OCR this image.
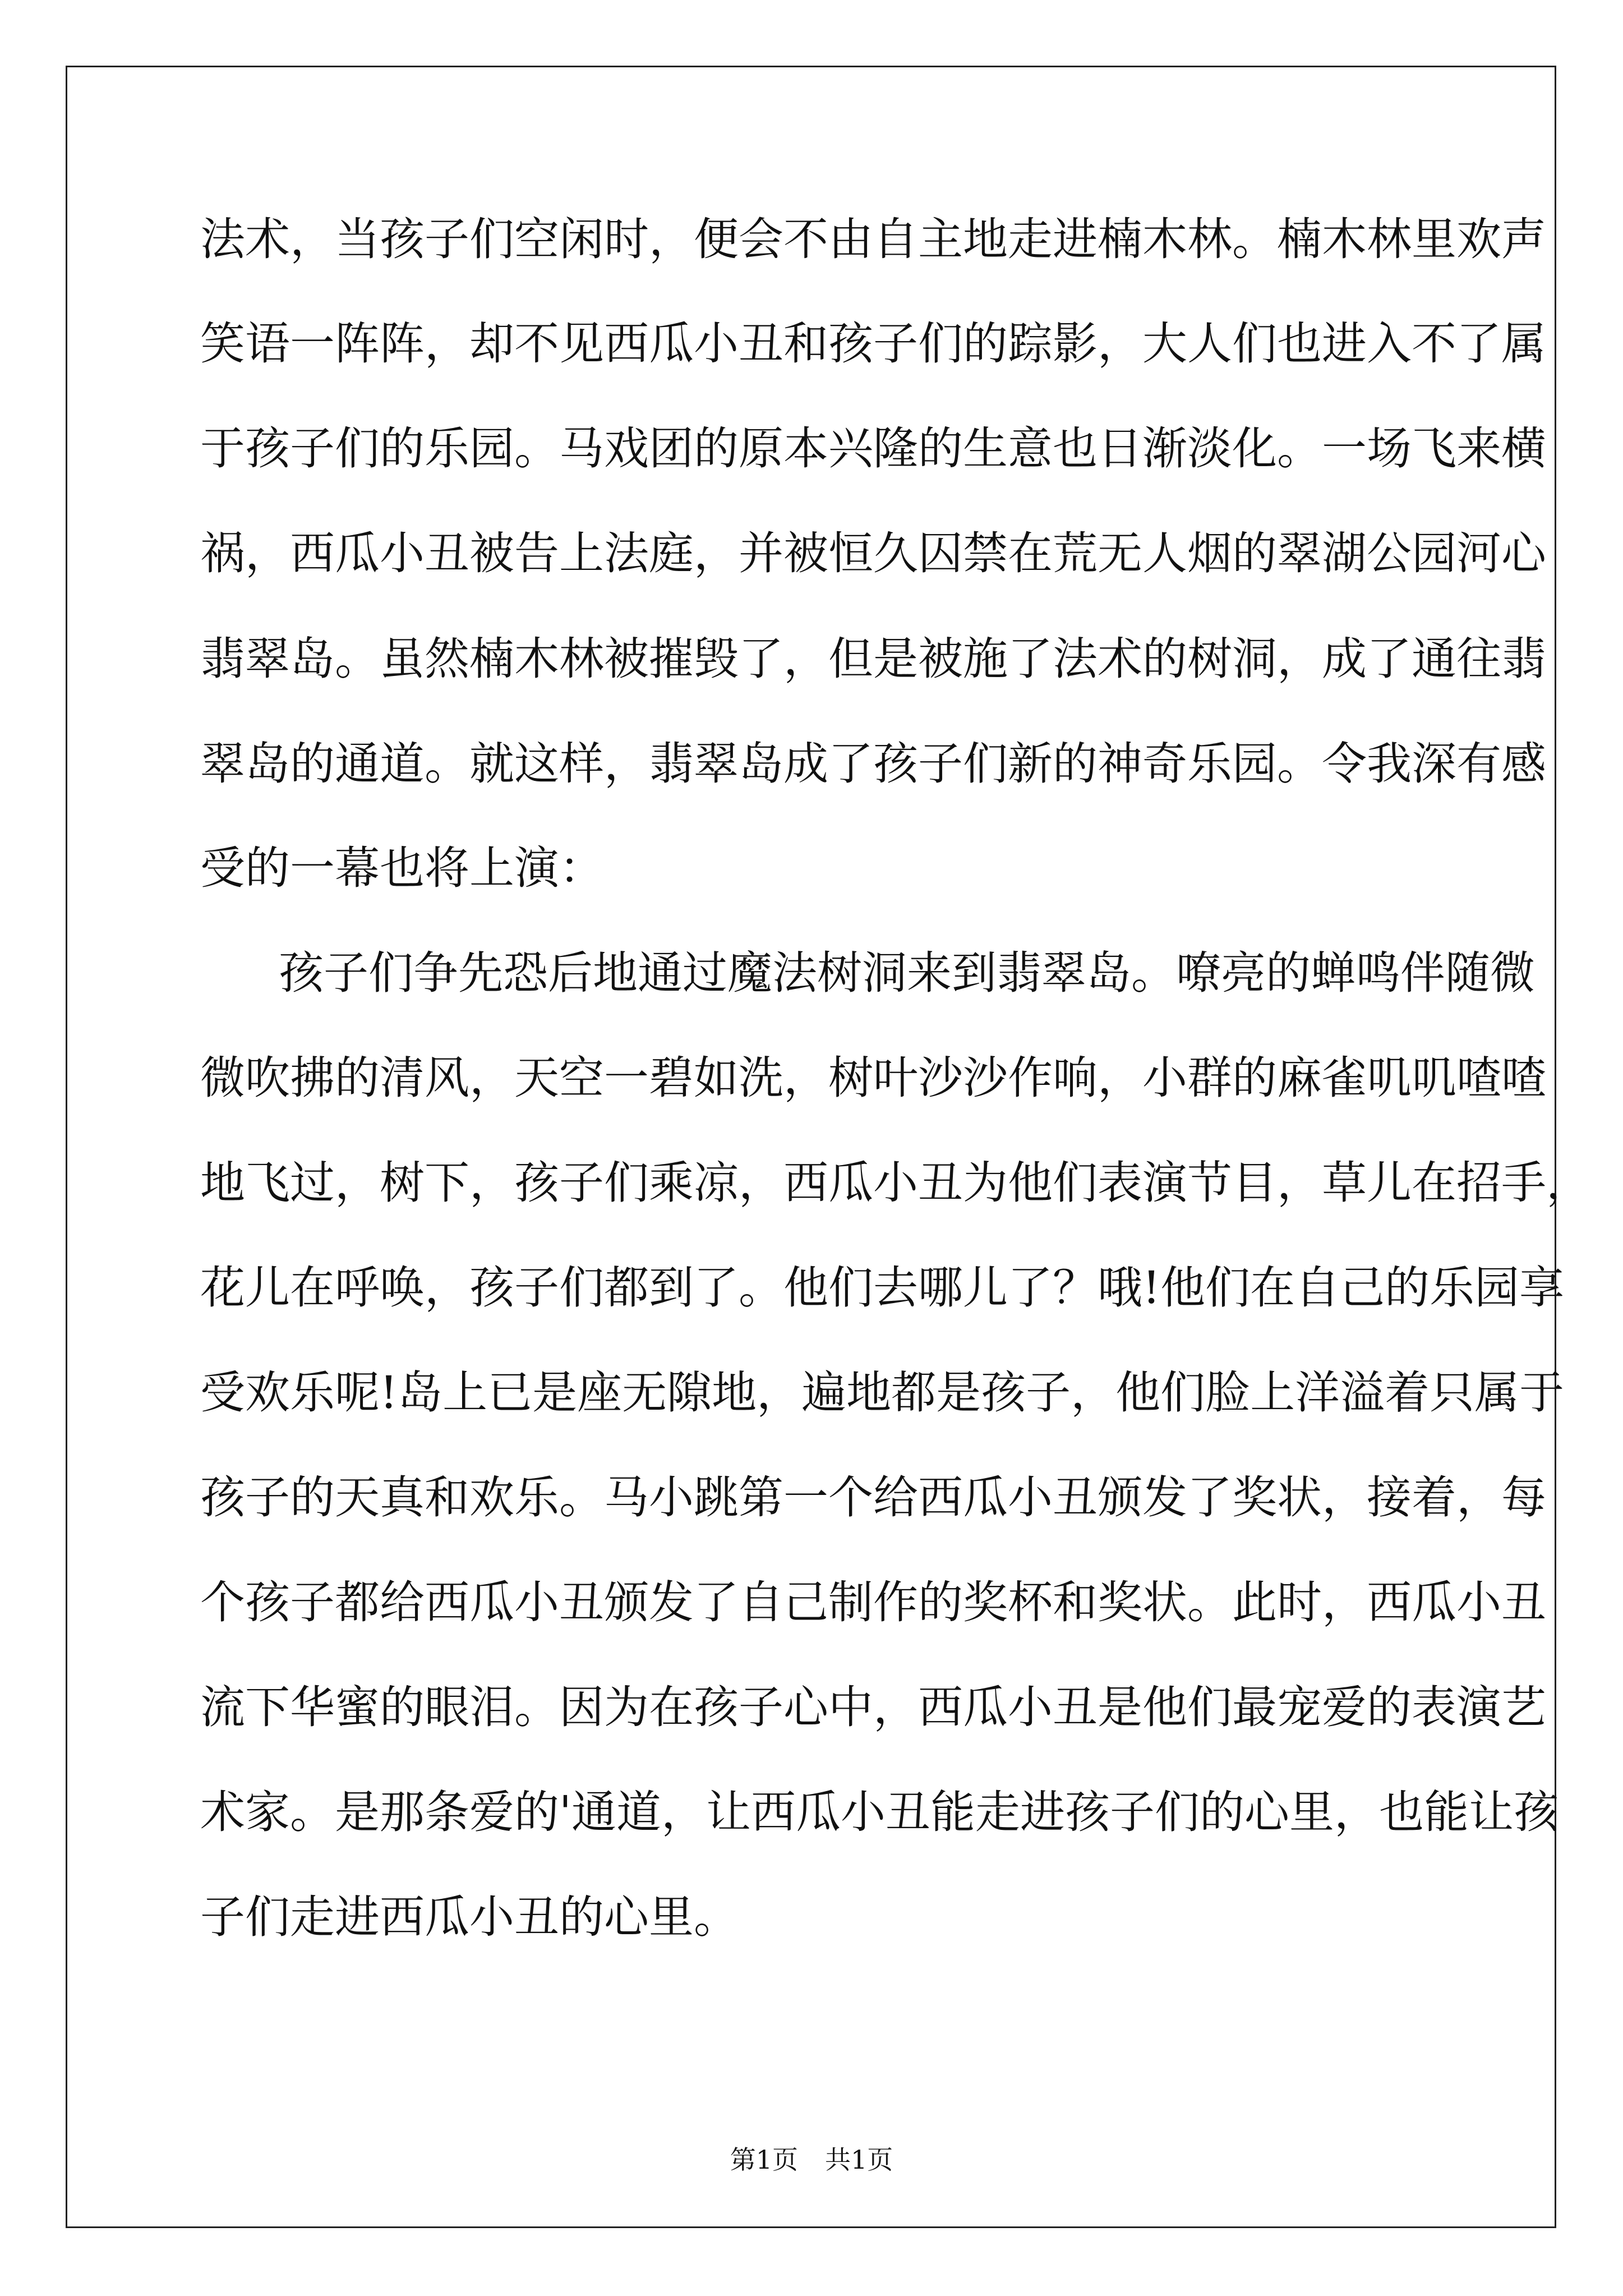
法术，当孩子们空闲时，便会不由自主地走进楠木林。楠木林里欢声
笑语一阵阵，却不见西瓜小丑和孩子们的踪影，大人们也进入不了属
于孩子们的乐园。马戏团的原本兴隆的生意也日渐淡化。一场飞来横
祸，西瓜小丑被告上法庭，并被恒久囚禁在荒无人烟的翠湖公园河心
翡翠岛。虽然楠木林被摧毁了，但是被施了法术的树洞，成了通往翡
翠岛的通道。就这样，翡翠岛成了孩子们新的神奇乐园。令我深有感
受的一幕也将上演：
孩子们争先恐后地通过魔法树洞来到翡翠岛。嘹亮的蝉鸣伴随微
微吹拂的清风，天空一碧如洗，树叶沙沙作响，小群的麻雀叽叽喳喳
地飞过，树下，孩子们乘凉，西瓜小丑为他们表演节目，草儿在招手，
花儿在呼唤，孩子们都到了。他们去哪儿了？哦!他们在自己的乐园享
受欢乐呢!岛上已是座无隙地，遍地都是孩子，他们脸上洋溢着只属于
孩子的天真和欢乐。马小跳第一个给西瓜小丑颁发了奖状，接着，每
个孩子都给西瓜小丑颁发了自己制作的奖杯和奖状。此时，西瓜小丑
流下华蜜的眼泪。因为在孩子心中，西瓜小丑是他们最宠爱的表演艺
术家。是那条爱的'通道，让西瓜小丑能走进孩子们的心里，也能让孩
子们走进西瓜小丑的心里。
第1页 共1页
